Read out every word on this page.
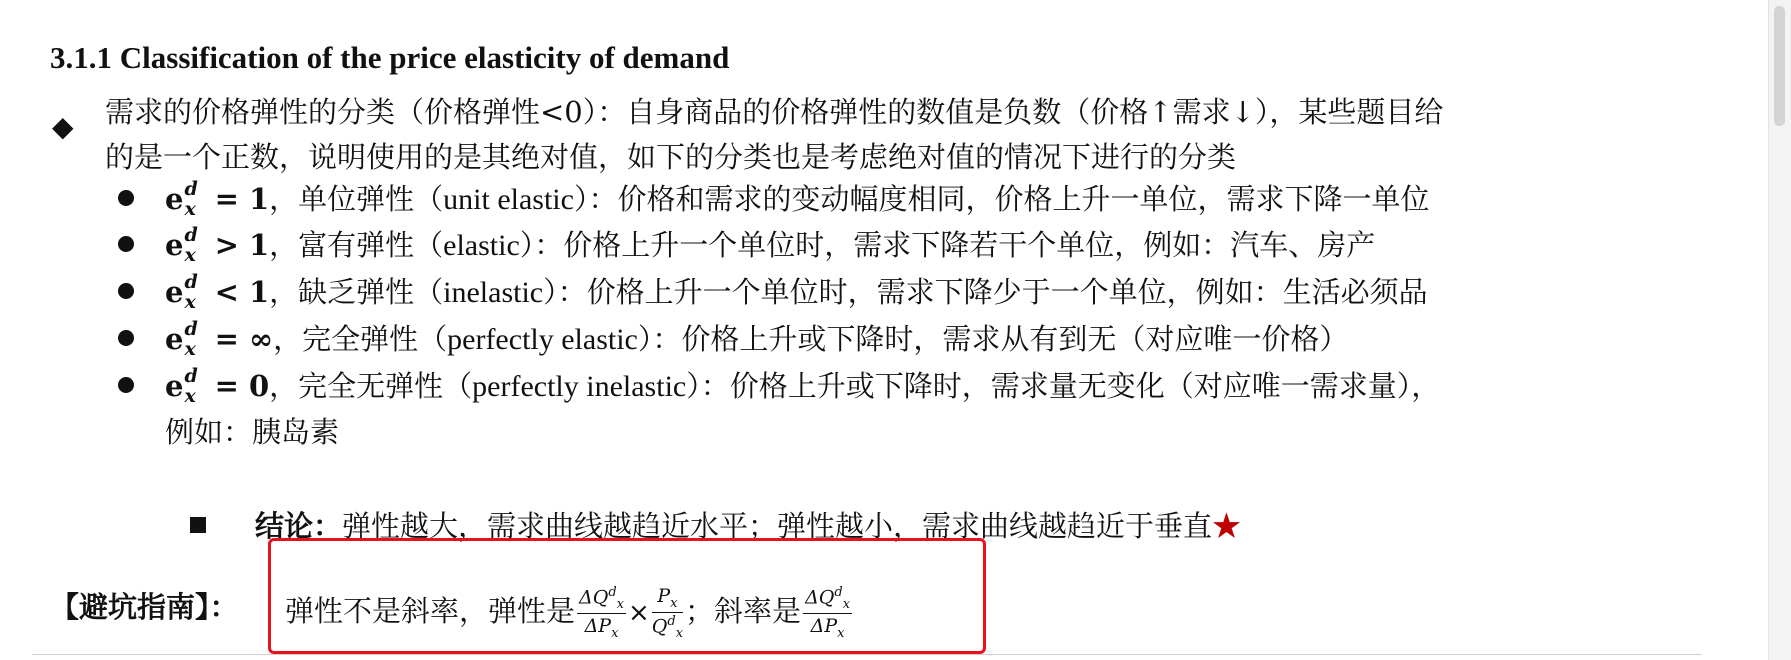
3.1.1 Classification of the price elasticity of demand
◆ 需求的价格弹性的分类（价格弹性<0）：自身商品的价格弹性的数值是负数（价格↑需求↓），某些题目给
的是一个正数，说明使用的是其绝对值，如下的分类也是考虑绝对值的情况下进行的分类
e d
x = 1，单位弹性（unit elastic）：价格和需求的变动幅度相同，价格上升一单位，需求下降一单位
e d
x > 1，富有弹性（elastic）：价格上升一个单位时，需求下降若干个单位，例如：汽车、房产
e d
x < 1，缺乏弹性（inelastic）：价格上升一个单位时，需求下降少于一个单位，例如：生活必须品
e d
x = ∞，完全弹性（perfectly elastic）：价格上升或下降时，需求从有到无（对应唯一价格）
e d
x = 0，完全无弹性（perfectly inelastic）：价格上升或下降时，需求量无变化（对应唯一需求量），
例如：胰岛素
结论：弹性越大，需求曲线越趋近水平；弹性越小，需求曲线越趋近于垂直★
【避坑指南】： 弹性不是斜率，弹性是 $\frac{\Delta Q^d_x}{\Delta P_x} \times \frac{P_x}{Q^d_x}$ ；斜率是 $\frac{\Delta Q^d_x}{\Delta P_x}$
